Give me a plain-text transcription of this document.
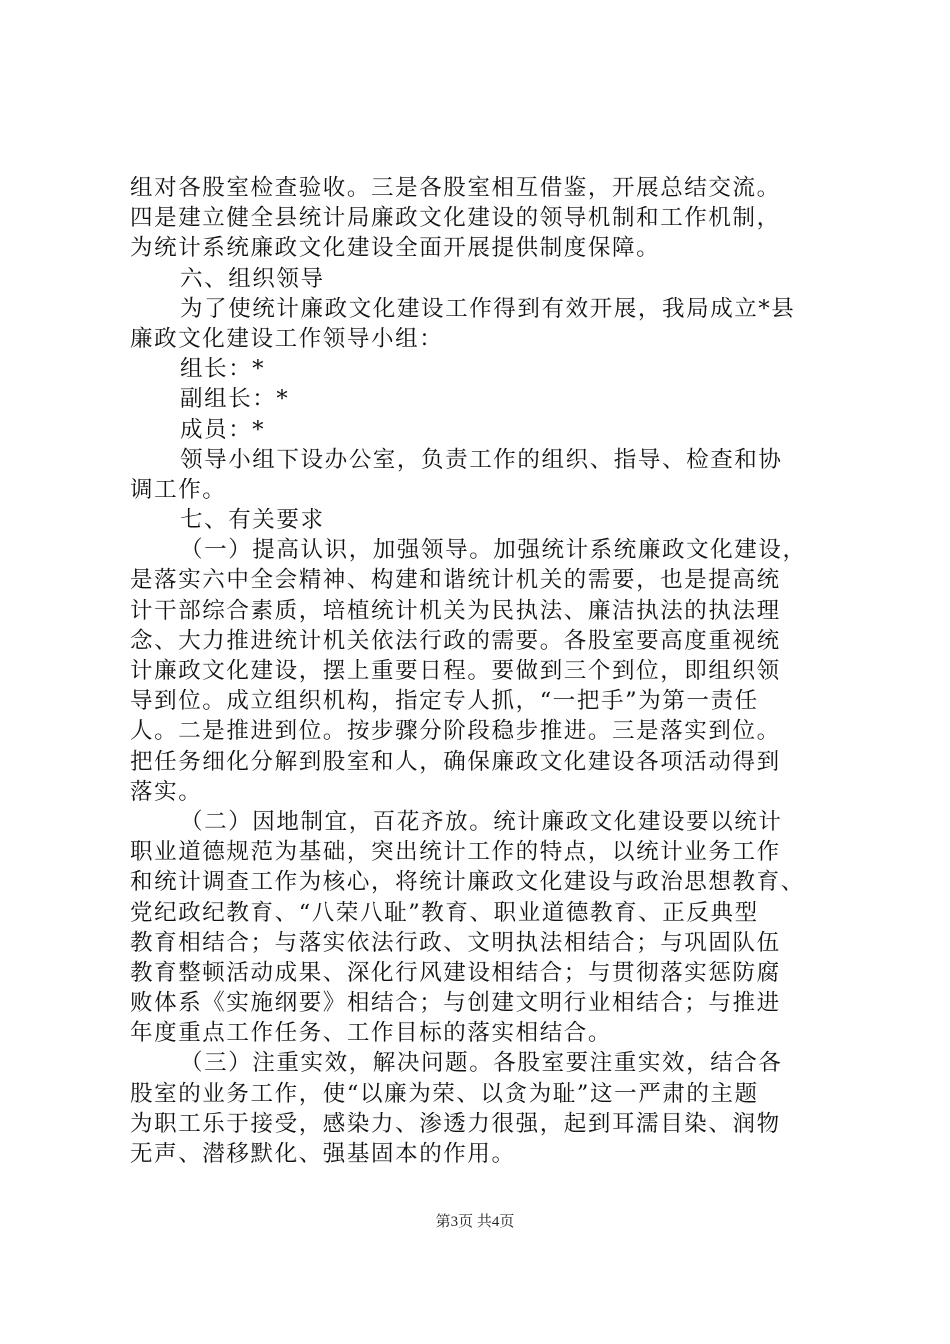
组对各股室检查验收。三是各股室相互借鉴，开展总结交流。
四是建立健全县统计局廉政文化建设的领导机制和工作机制，
为统计系统廉政文化建设全面开展提供制度保障。
六、组织领导
为了使统计廉政文化建设工作得到有效开展，我局成立*县
廉政文化建设工作领导小组：
组长：*
副组长：*
成员：*
领导小组下设办公室，负责工作的组织、指导、检查和协
调工作。
七、有关要求
（一）提高认识，加强领导。加强统计系统廉政文化建设，
是落实六中全会精神、构建和谐统计机关的需要，也是提高统
计干部综合素质，培植统计机关为民执法、廉洁执法的执法理
念、大力推进统计机关依法行政的需要。各股室要高度重视统
计廉政文化建设，摆上重要日程。要做到三个到位，即组织领
导到位。成立组织机构，指定专人抓，“一把手”为第一责任
人。二是推进到位。按步骤分阶段稳步推进。三是落实到位。
把任务细化分解到股室和人，确保廉政文化建设各项活动得到
落实。
（二）因地制宜，百花齐放。统计廉政文化建设要以统计
职业道德规范为基础，突出统计工作的特点，以统计业务工作
和统计调查工作为核心，将统计廉政文化建设与政治思想教育、
党纪政纪教育、“八荣八耻”教育、职业道德教育、正反典型
教育相结合；与落实依法行政、文明执法相结合；与巩固队伍
教育整顿活动成果、深化行风建设相结合；与贯彻落实惩防腐
败体系《实施纲要》相结合；与创建文明行业相结合；与推进
年度重点工作任务、工作目标的落实相结合。
（三）注重实效，解决问题。各股室要注重实效，结合各
股室的业务工作，使“以廉为荣、以贪为耻”这一严肃的主题
为职工乐于接受，感染力、渗透力很强，起到耳濡目染、润物
无声、潜移默化、强基固本的作用。
第3页 共4页
